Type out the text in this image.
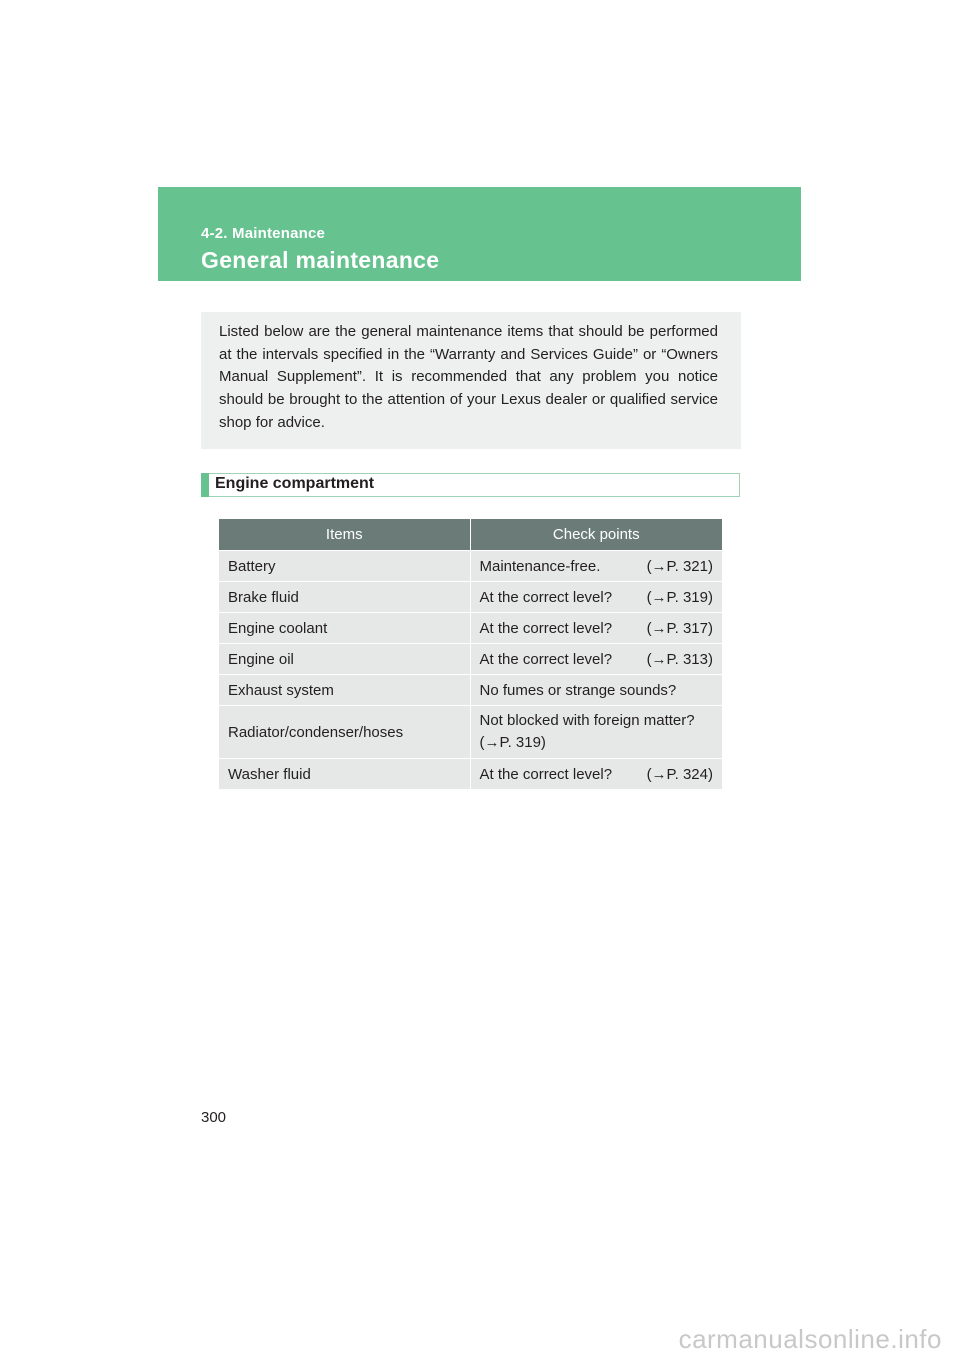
4-2. Maintenance
General maintenance
Listed below are the general maintenance items that should be performed at the intervals specified in the “Warranty and Services Guide” or “Owners Manual Supplement”. It is recommended that any problem you notice should be brought to the attention of your Lexus dealer or qualified service shop for advice.
Engine compartment
Items	Check points
Battery	Maintenance-free. (→P. 321)

Brake fluid	At the correct level? (→P. 319)

Engine coolant	At the correct level? (→P. 317)

Engine oil	At the correct level? (→P. 313)

Exhaust system	No fumes or strange sounds?

Radiator/condenser/hoses	Not blocked with foreign matter?
(→P. 319)

Washer fluid	At the correct level? (→P. 324)
300
carmanualsonline.info
